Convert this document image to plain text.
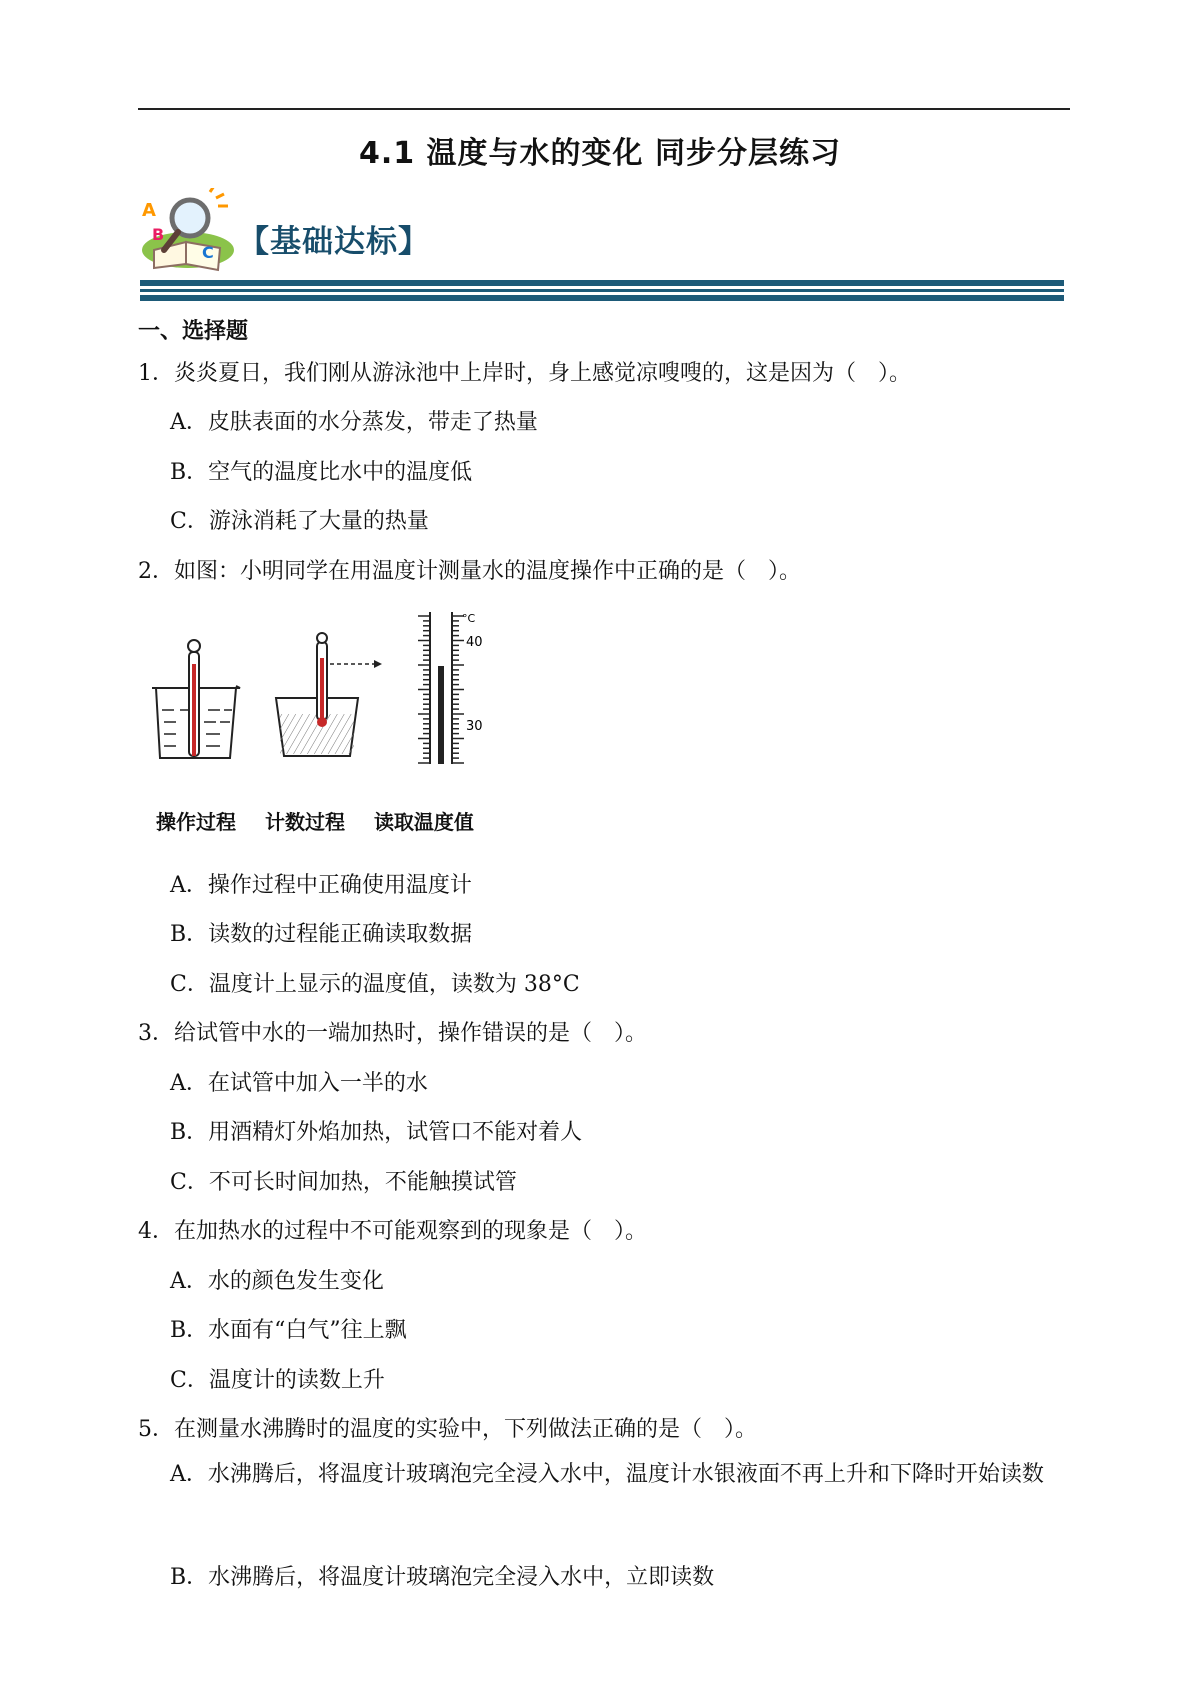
4.1 温度与水的变化 同步分层练习
A
B
C 【基础达标】
一、选择题
1．炎炎夏日，我们刚从游泳池中上岸时，身上感觉凉嗖嗖的，这是因为（　）。
A．皮肤表面的水分蒸发，带走了热量
B．空气的温度比水中的温度低
C．游泳消耗了大量的热量
2．如图：小明同学在用温度计测量水的温度操作中正确的是（　）。
°C
40
30
操作过程 计数过程 读取温度值
A．操作过程中正确使用温度计
B．读数的过程能正确读取数据
C．温度计上显示的温度值，读数为 38°C
3．给试管中水的一端加热时，操作错误的是（　）。
A．在试管中加入一半的水
B．用酒精灯外焰加热，试管口不能对着人
C．不可长时间加热，不能触摸试管
4．在加热水的过程中不可能观察到的现象是（　）。
A．水的颜色发生变化
B．水面有“白气”往上飘
C．温度计的读数上升
5．在测量水沸腾时的温度的实验中，下列做法正确的是（　）。
A．水沸腾后，将温度计玻璃泡完全浸入水中，温度计水银液面不再上升和下降时开始读数
B．水沸腾后，将温度计玻璃泡完全浸入水中，立即读数
